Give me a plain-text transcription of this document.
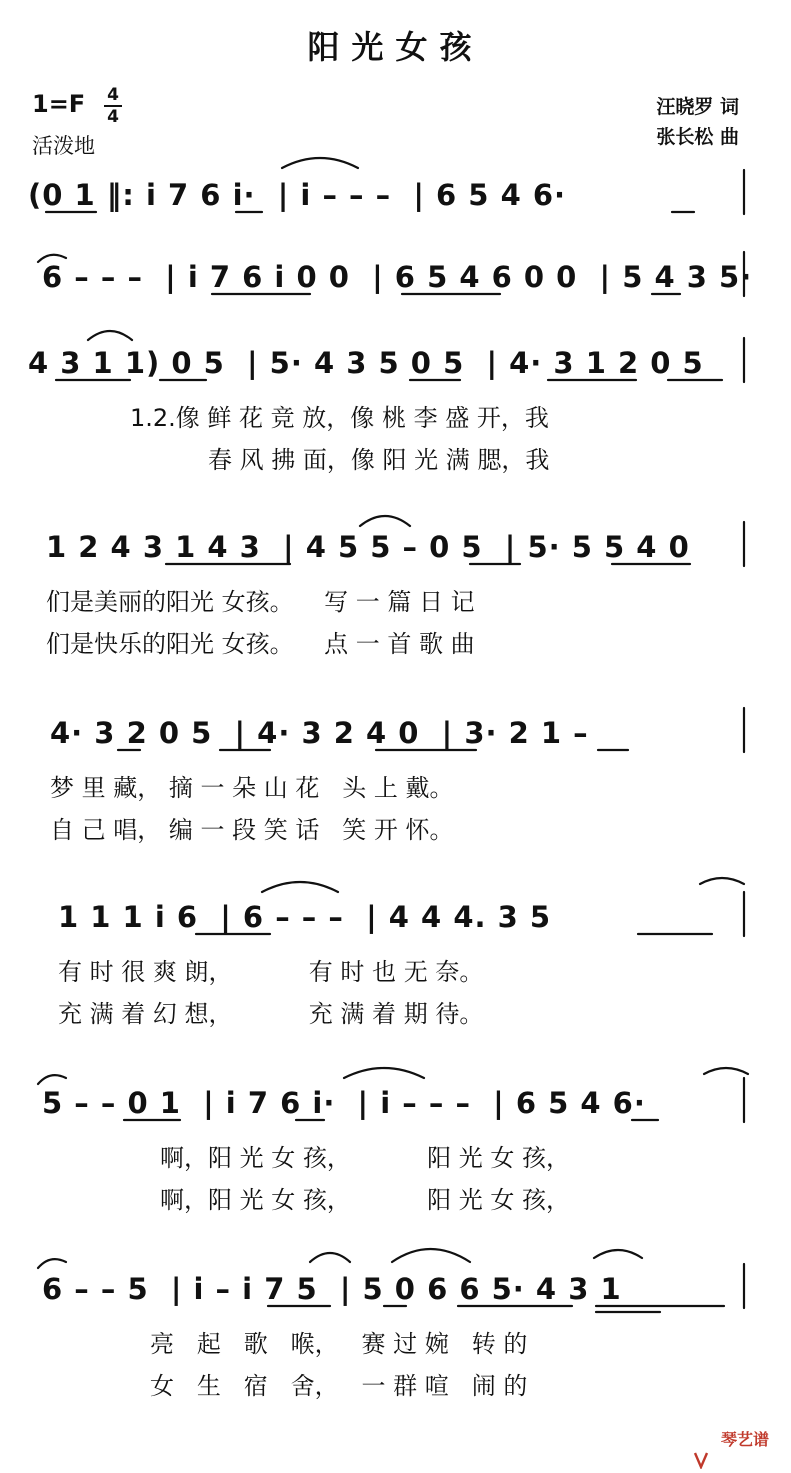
阳光女孩
1=F 4
4
活泼地
汪晓罗 词
张长松 曲
(0 1 ‖: i 7 6 i·  | i – – –  | 6 5 4 6·
6 – – –  | i 7 6 i 0 0  | 6 5 4 6 0 0  | 5 4 3 5·
4 3 1 1) 0 5  | 5· 4 3 5 0 5  | 4· 3 1 2 0 5
1.2.像 鲜 花 竞 放，像 桃 李 盛 开，我
春 风 拂 面，像 阳 光 满 腮，我
1 2 4 3 1 4 3  | 4 5 5 – 0 5  | 5· 5 5 4 0
们是美丽的阳光 女孩。    写 一 篇 日 记
们是快乐的阳光 女孩。    点 一 首 歌 曲
4· 3 2 0 5  | 4· 3 2 4 0  | 3· 2 1 –
梦 里 藏， 摘 一 朵 山 花   头 上 戴。
自 己 唱， 编 一 段 笑 话   笑 开 怀。
1 1 1 i 6  | 6 – – –  | 4 4 4. 3 5
有 时 很 爽 朗，          有 时 也 无 奈。
充 满 着 幻 想，          充 满 着 期 待。
5 – – 0 1  | i 7 6 i·  | i – – –  | 6 5 4 6·
啊，阳 光 女 孩，          阳 光 女 孩，
啊，阳 光 女 孩，          阳 光 女 孩，
6 – – 5  | i – i 7 5  | 5 0 6 6 5· 4 3 1
亮   起   歌   喉，   赛 过 婉   转 的
女   生   宿   舍，   一 群 喧   闹 的

琴艺谱
